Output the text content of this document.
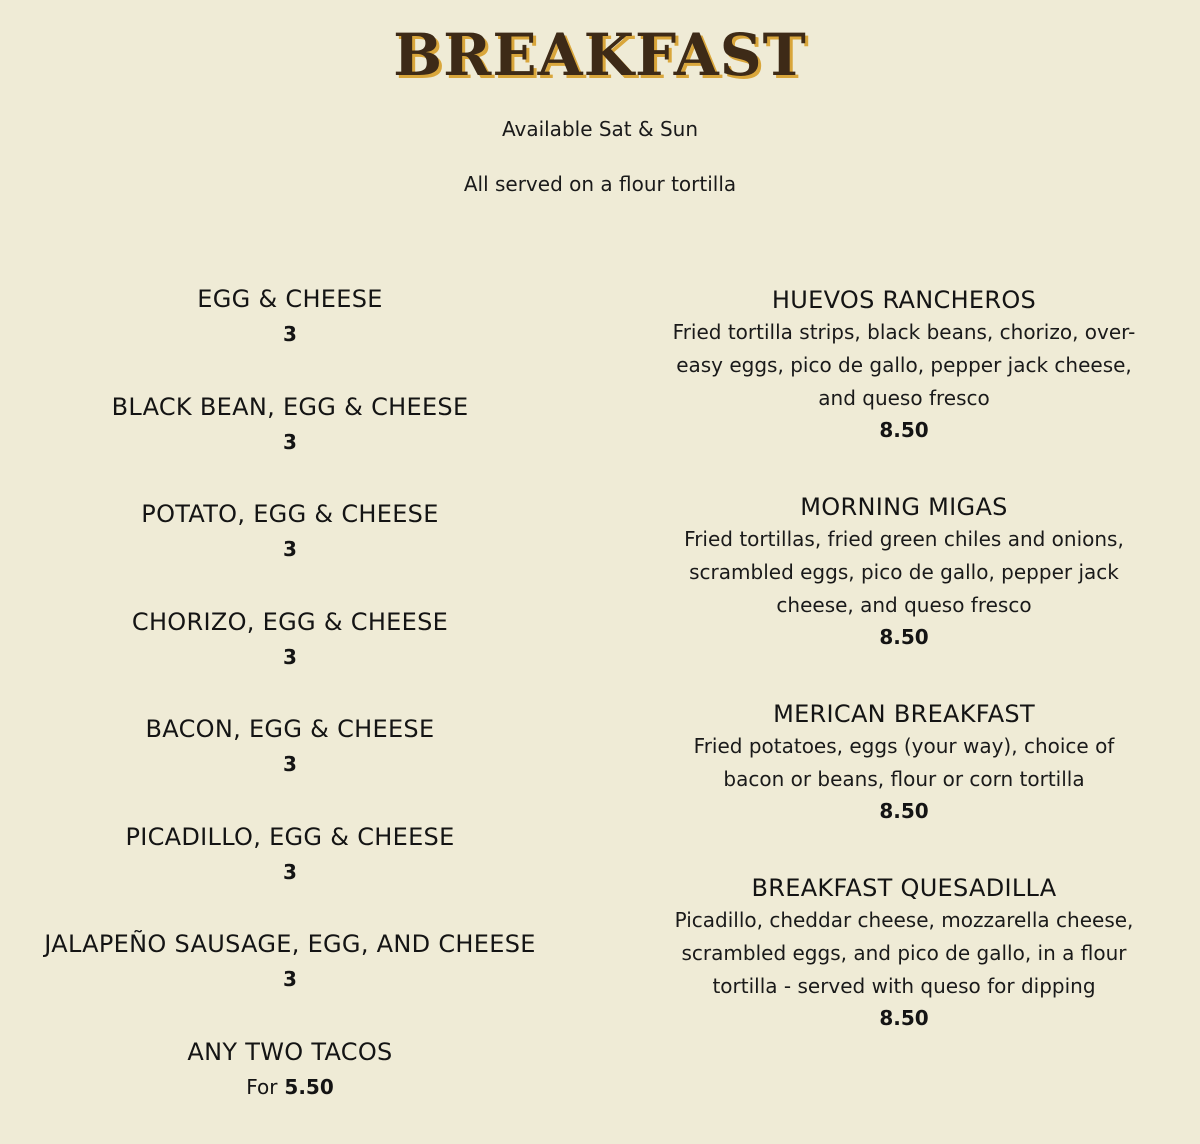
BREAKFAST
Available Sat & Sun
All served on a flour tortilla
EGG & CHEESE
3
BLACK BEAN, EGG & CHEESE
3
POTATO, EGG & CHEESE
3
CHORIZO, EGG & CHEESE
3
BACON, EGG & CHEESE
3
PICADILLO, EGG & CHEESE
3
JALAPEÑO SAUSAGE, EGG, AND CHEESE
3
ANY TWO TACOS
For 5.50
HUEVOS RANCHEROS
Fried tortilla strips, black beans, chorizo, over-
easy eggs, pico de gallo, pepper jack cheese,
and queso fresco
8.50
MORNING MIGAS
Fried tortillas, fried green chiles and onions,
scrambled eggs, pico de gallo, pepper jack
cheese, and queso fresco
8.50
MERICAN BREAKFAST
Fried potatoes, eggs (your way), choice of
bacon or beans, flour or corn tortilla
8.50
BREAKFAST QUESADILLA
Picadillo, cheddar cheese, mozzarella cheese,
scrambled eggs, and pico de gallo, in a flour
tortilla - served with queso for dipping
8.50
